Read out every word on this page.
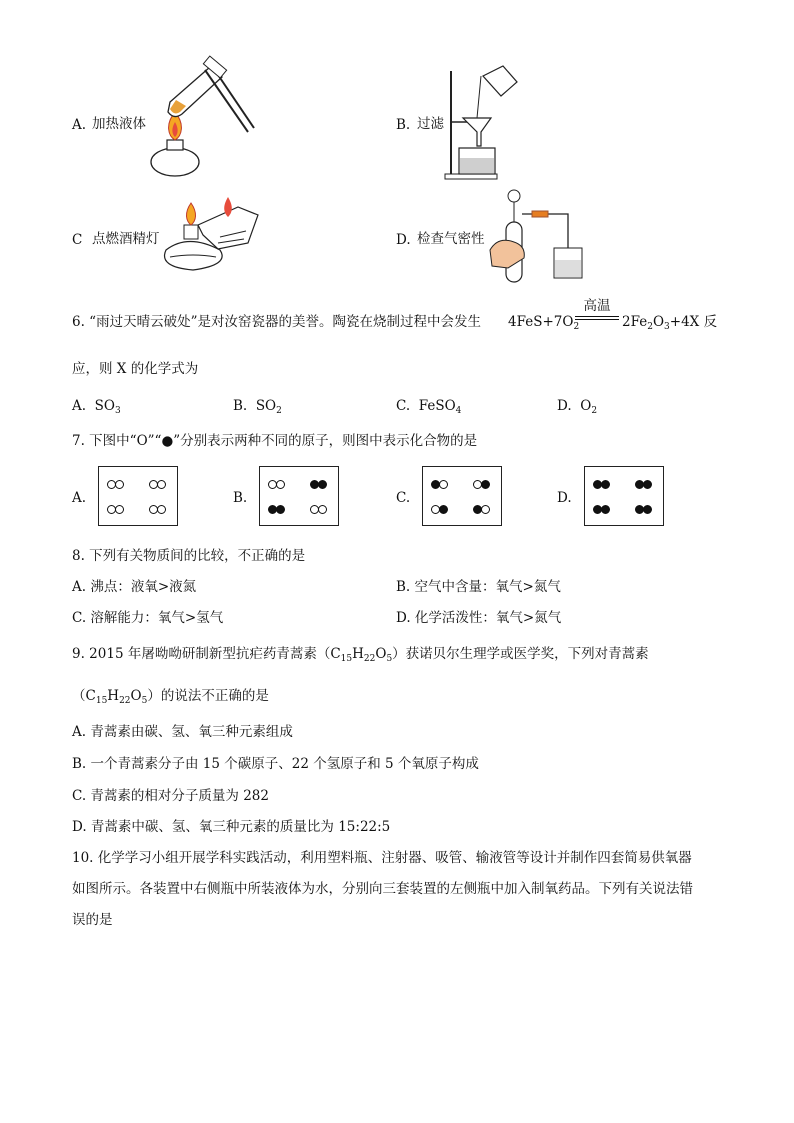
A. 加热液体	B. 过滤
C 点燃酒精灯	D. 检查气密性
6. “雨过天晴云破处”是对汝窑瓷器的美誉。陶瓷在烧制过程中会发生 $4FeS+7O_2$
高温
$2Fe_2O_3+4X$ 反
应，则 X 的化学式为
A. $SO_3$	B. $SO_2$	C. FeSO$_4$	D. $O_2$
7. 下图中“O”“●”分别表示两种不同的原子，则图中表示化合物的是
A.	B.	C.	D.
8. 下列有关物质间的比较，不正确的是
A. 沸点：液氧>液氮	B. 空气中含量：氧气>氮气
C. 溶解能力：氧气>氢气	D. 化学活泼性：氧气>氮气
9. 2015 年屠呦呦研制新型抗疟药青蒿素$(C_{15}H_{22}O_5)$获诺贝尔生理学或医学奖，下列对青蒿素
$(C_{15}H_{22}O_5)$的说法不正确的是
A. 青蒿素由碳、氢、氧三种元素组成
B. 一个青蒿素分子由 15 个碳原子、22 个氢原子和 5 个氧原子构成
C. 青蒿素的相对分子质量为 282
D. 青蒿素中碳、氢、氧三种元素的质量比为 15:22:5
10. 化学学习小组开展学科实践活动，利用塑料瓶、注射器、吸管、输液管等设计并制作四套简易供氧器
如图所示。各装置中右侧瓶中所装液体为水，分别向三套装置的左侧瓶中加入制氧药品。下列有关说法错
误的是
